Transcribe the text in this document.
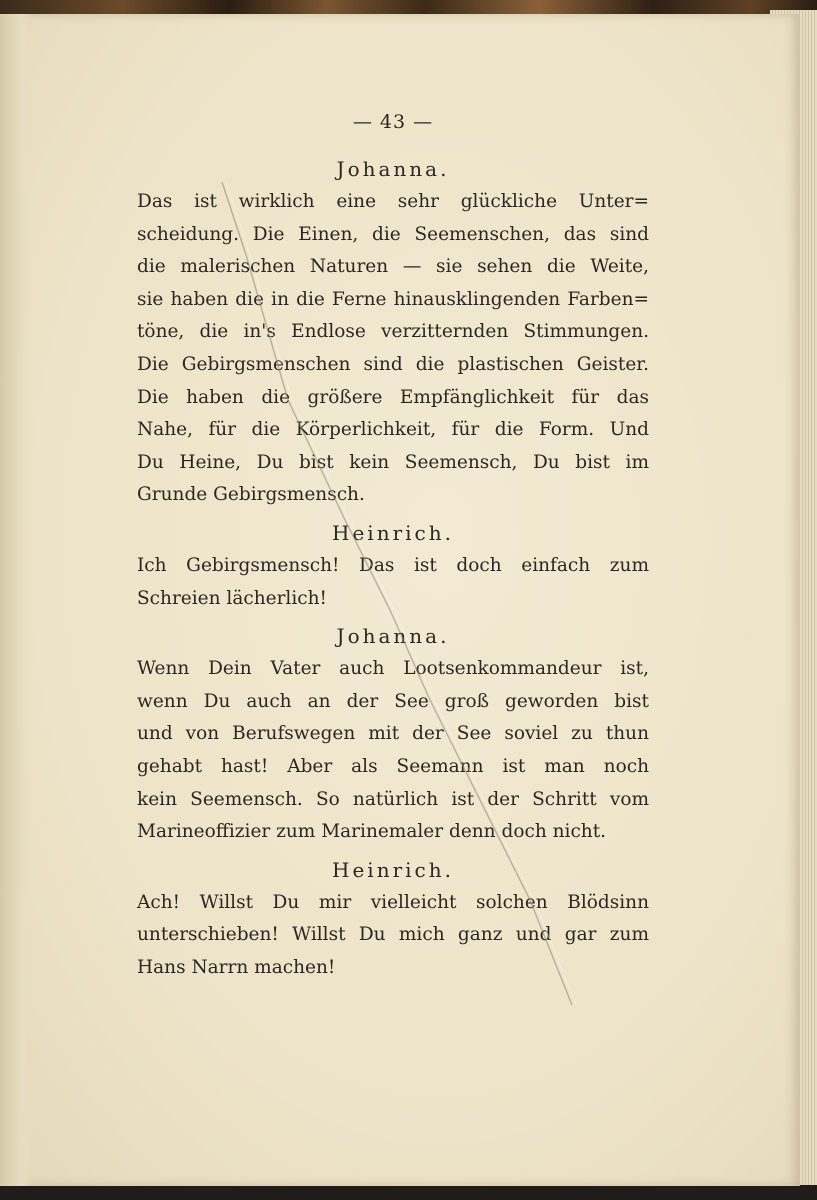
— 43 —
Johanna.

Das ist wirklich eine sehr glückliche Unter=
scheidung. Die Einen, die Seemenschen, das sind
die malerischen Naturen — sie sehen die Weite,
sie haben die in die Ferne hinausklingenden Farben=
töne, die in's Endlose verzitternden Stimmungen.
Die Gebirgsmenschen sind die plastischen Geister.
Die haben die größere Empfänglichkeit für das
Nahe, für die Körperlichkeit, für die Form. Und
Du Heine, Du bist kein Seemensch, Du bist im
Grunde Gebirgsmensch.

Heinrich.

Ich Gebirgsmensch! Das ist doch einfach zum
Schreien lächerlich!

Johanna.

Wenn Dein Vater auch Lootsenkommandeur ist,
wenn Du auch an der See groß geworden bist
und von Berufswegen mit der See soviel zu thun
gehabt hast! Aber als Seemann ist man noch
kein Seemensch. So natürlich ist der Schritt vom
Marineoffizier zum Marinemaler denn doch nicht.

Heinrich.

Ach! Willst Du mir vielleicht solchen Blödsinn
unterschieben! Willst Du mich ganz und gar zum
Hans Narrn machen!
